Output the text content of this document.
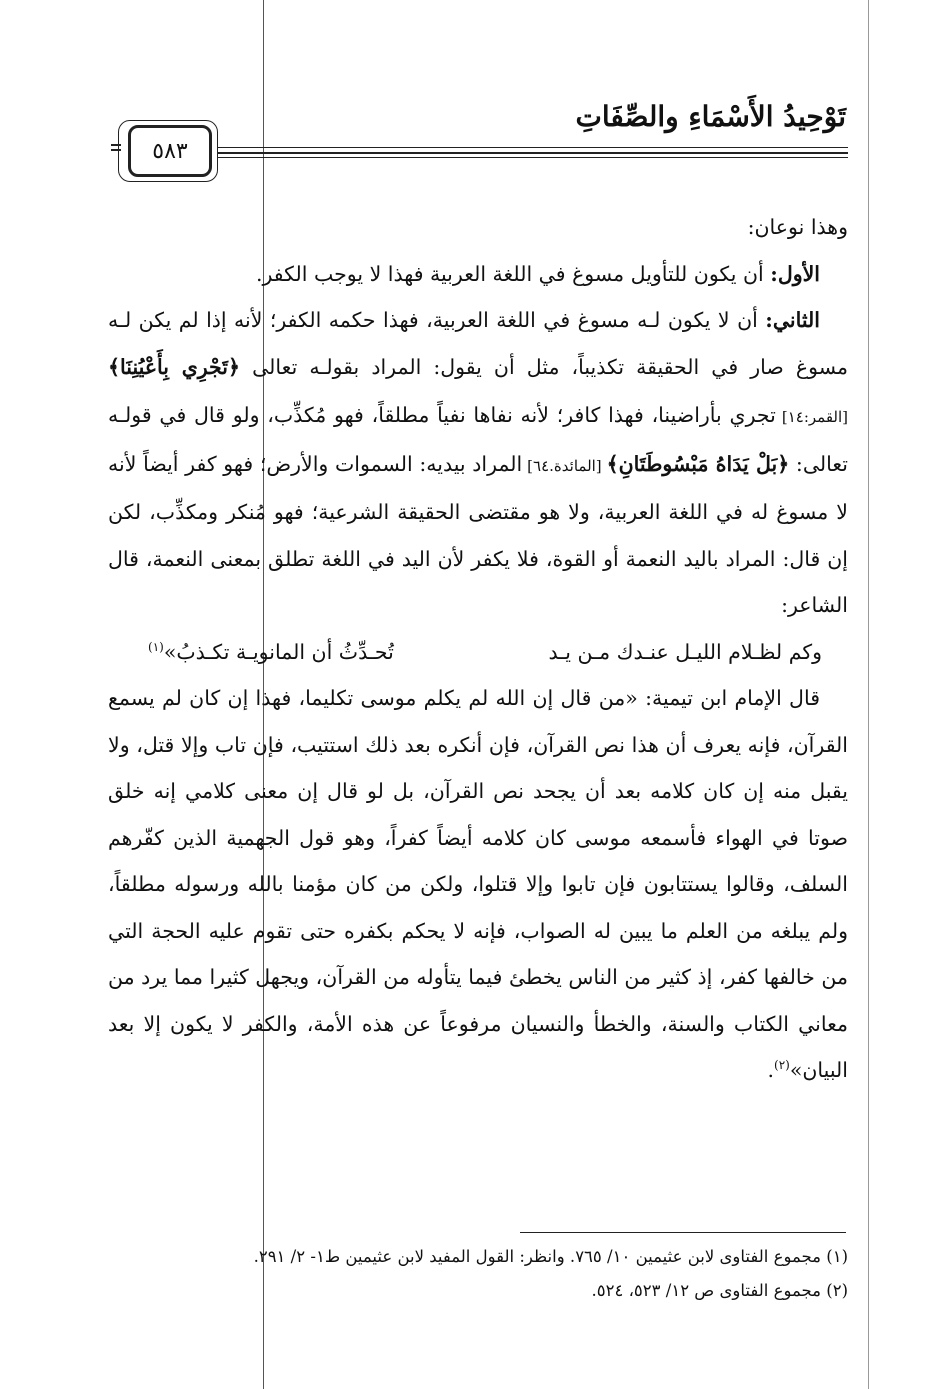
تَوْحِيدُ الأَسْمَاءِ والصِّفَاتِ
٥٨٣

وهذا نوعان:

الأول: أن يكون للتأويل مسوغ في اللغة العربية فهذا لا يوجب الكفر.

الثاني: أن لا يكون لـه مسوغ في اللغة العربية، فهذا حكمه الكفر؛ لأنه إذا لم يكن لـه مسوغ صار في الحقيقة تكذيباً، مثل أن يقول: المراد بقولـه تعالى ﴿تَجْرِي بِأَعْيُنِنَا﴾ [القمر:١٤] تجري بأراضينا، فهذا كافر؛ لأنه نفاها نفياً مطلقاً، فهو مُكذِّب، ولو قال في قولـه تعالى: ﴿بَلْ يَدَاهُ مَبْسُوطَتَانِ﴾ [المائدة.٦٤] المراد بيديه: السموات والأرض؛ فهو كفر أيضاً لأنه لا مسوغ له في اللغة العربية، ولا هو مقتضى الحقيقة الشرعية؛ فهو مُنكر ومكذِّب، لكن إن قال: المراد باليد النعمة أو القوة، فلا يكفر لأن اليد في اللغة تطلق بمعنى النعمة، قال الشاعر:

وكم لظـلام الليـل عنـدك مـن يـد
تُحـدِّثُ أن المانويـة تكـذبُ»$^{(١)}$

قال الإمام ابن تيمية: «من قال إن الله لم يكلم موسى تكليما، فهذا إن كان لم يسمع القرآن، فإنه يعرف أن هذا نص القرآن، فإن أنكره بعد ذلك استتيب، فإن تاب وإلا قتل، ولا يقبل منه إن كان كلامه بعد أن يجحد نص القرآن، بل لو قال إن معنى كلامي إنه خلق صوتا في الهواء فأسمعه موسى كان كلامه أيضاً كفراً، وهو قول الجهمية الذين كفّرهم السلف، وقالوا يستتابون فإن تابوا وإلا قتلوا، ولكن من كان مؤمنا بالله ورسوله مطلقاً، ولم يبلغه من العلم ما يبين له الصواب، فإنه لا يحكم بكفره حتى تقوم عليه الحجة التي من خالفها كفر، إذ كثير من الناس يخطئ فيما يتأوله من القرآن، ويجهل كثيرا مما يرد من معاني الكتاب والسنة، والخطأ والنسيان مرفوعاً عن هذه الأمة، والكفر لا يكون إلا بعد البيان»$^{(٢)}$.

(١) مجموع الفتاوى لابن عثيمين ١٠/ ٧٦٥. وانظر: القول المفيد لابن عثيمين ط١- ٢/ ٢٩١.
(٢) مجموع الفتاوى ص ١٢/ ٥٢٣، ٥٢٤.
